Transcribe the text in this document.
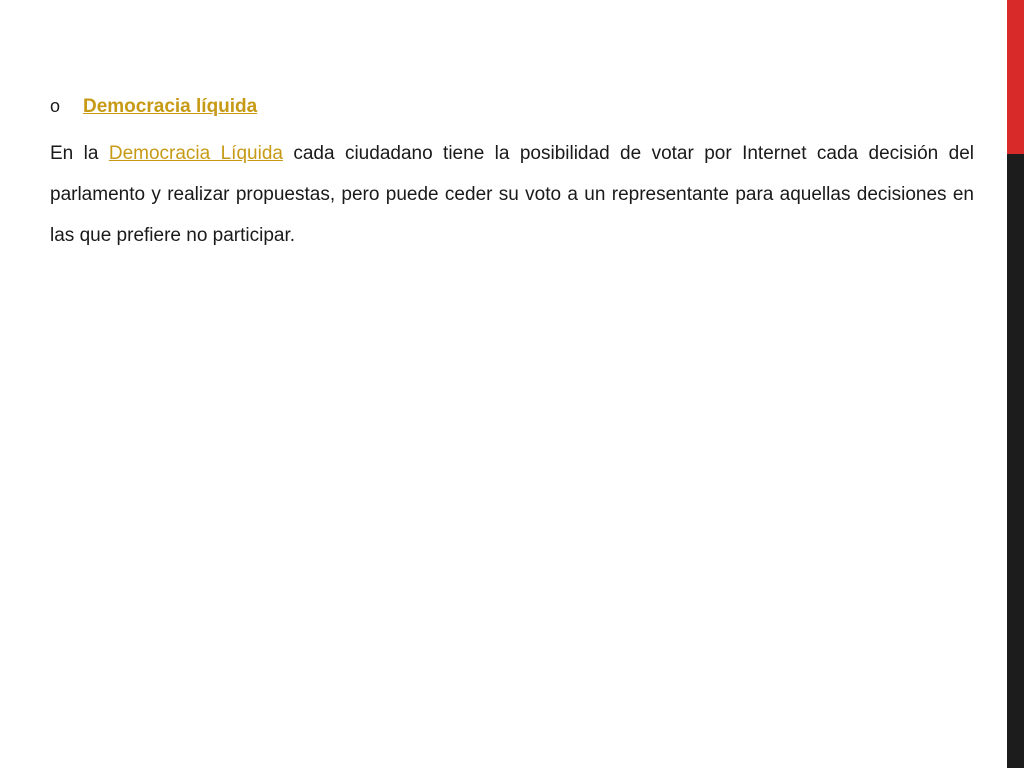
o	Democracia líquida

En la Democracia Líquida cada ciudadano tiene la posibilidad de votar por Internet cada decisión del parlamento y realizar propuestas, pero puede ceder su voto a un representante para aquellas decisiones en las que prefiere no participar.
